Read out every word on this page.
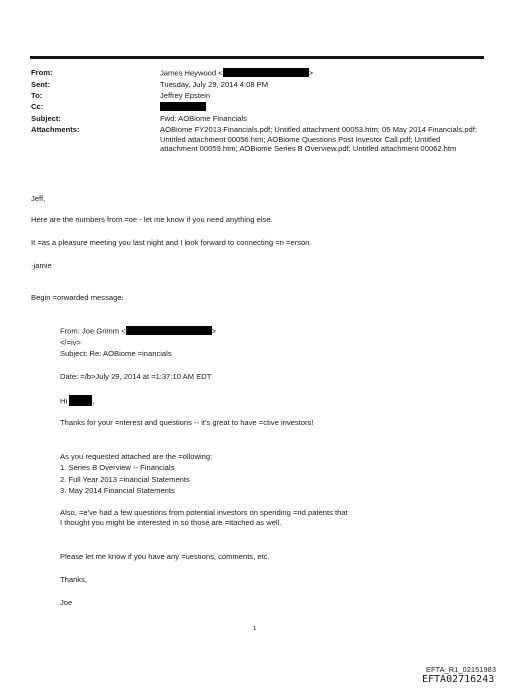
From:	James Heywood <	>
Sent:	Tuesday, July 29, 2014 4:08 PM
To:	Jeffrey Epstein
Cc:
Subject:	Fwd: AOBiome Financials
Attachments:	AOBiome FY2013 Financials.pdf; Untitled attachment 00053.htm; 05 May 2014 Financials.pdf; Untitled attachment 00056.htm; AOBiome Questions Post Investor Call.pdf; Untitled attachment 00059.htm; AOBiome Series B Overview.pdf; Untitled attachment 00062.htm
Jeff,
Here are the numbers from =oe - let me know if you need anything else.
It =as a pleasure meeting you last night and I look forward to connecting =n =erson.
-jamie
Begin =orwarded message:
From: Joe Grimm <	>
</=iv>
Subject: Re: AOBiome =inancials
Date: =/b>July 29, 2014 at =1:37:10 AM EDT
Hi	,
Thanks for your =nterest and questions -- it's great to have =ctive investors!
As you requested attached are the =ollowing:
1. Series B Overview -- Financials
2. Full Year 2013 =inancial Statements
3. May 2014 Financial Statements
Also, =e've had a few questions from potential investors on spending =nd patents that I thought you might be interested in so those are =ttached as well.
Please let me know if you have any =uestions, comments, etc.
Thanks,
Joe
1
EFTA_R1_02151983
EFTA02716243
